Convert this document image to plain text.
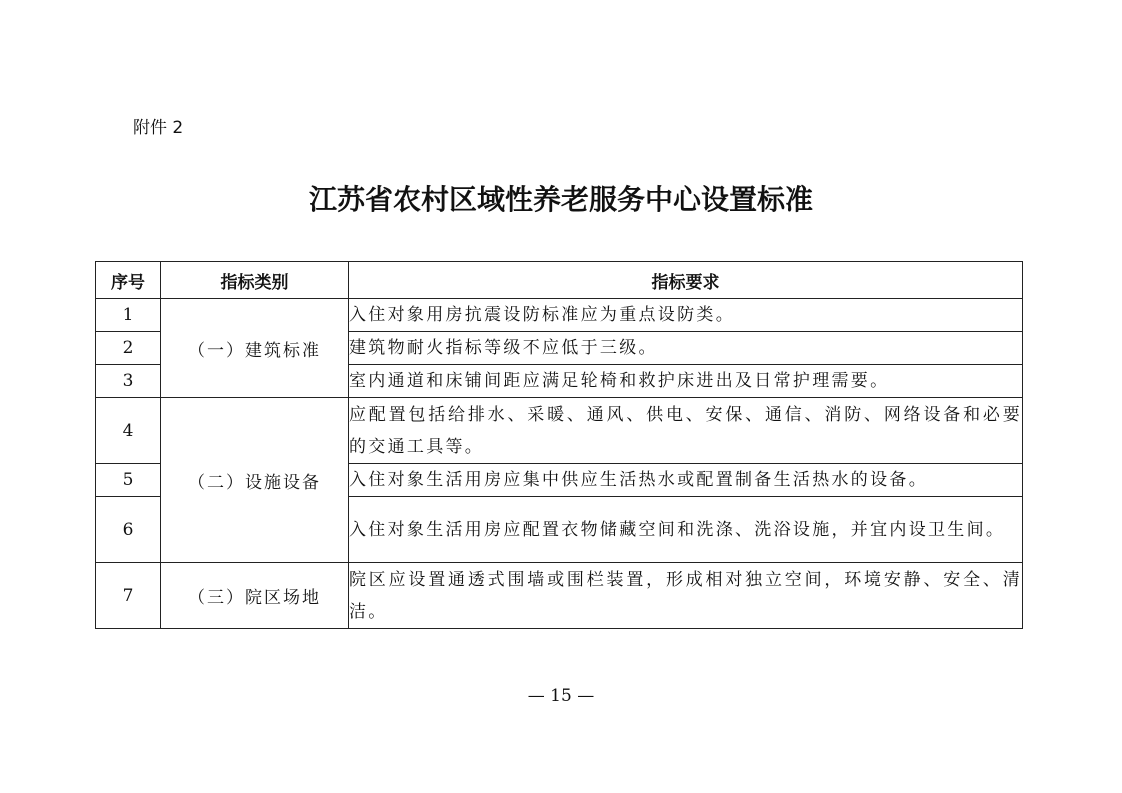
附件 2
江苏省农村区域性养老服务中心设置标准
序号	指标类别	指标要求
1	（一）建筑标准	入住对象用房抗震设防标准应为重点设防类。
2		建筑物耐火指标等级不应低于三级。
3		室内通道和床铺间距应满足轮椅和救护床进出及日常护理需要。
4	（二）设施设备	应配置包括给排水、采暖、通风、供电、安保、通信、消防、网络设备和必要的交通工具等。
5		入住对象生活用房应集中供应生活热水或配置制备生活热水的设备。
6		入住对象生活用房应配置衣物储藏空间和洗涤、洗浴设施，并宜内设卫生间。
7	（三）院区场地	院区应设置通透式围墙或围栏装置，形成相对独立空间，环境安静、安全、清洁。
— 15 —
